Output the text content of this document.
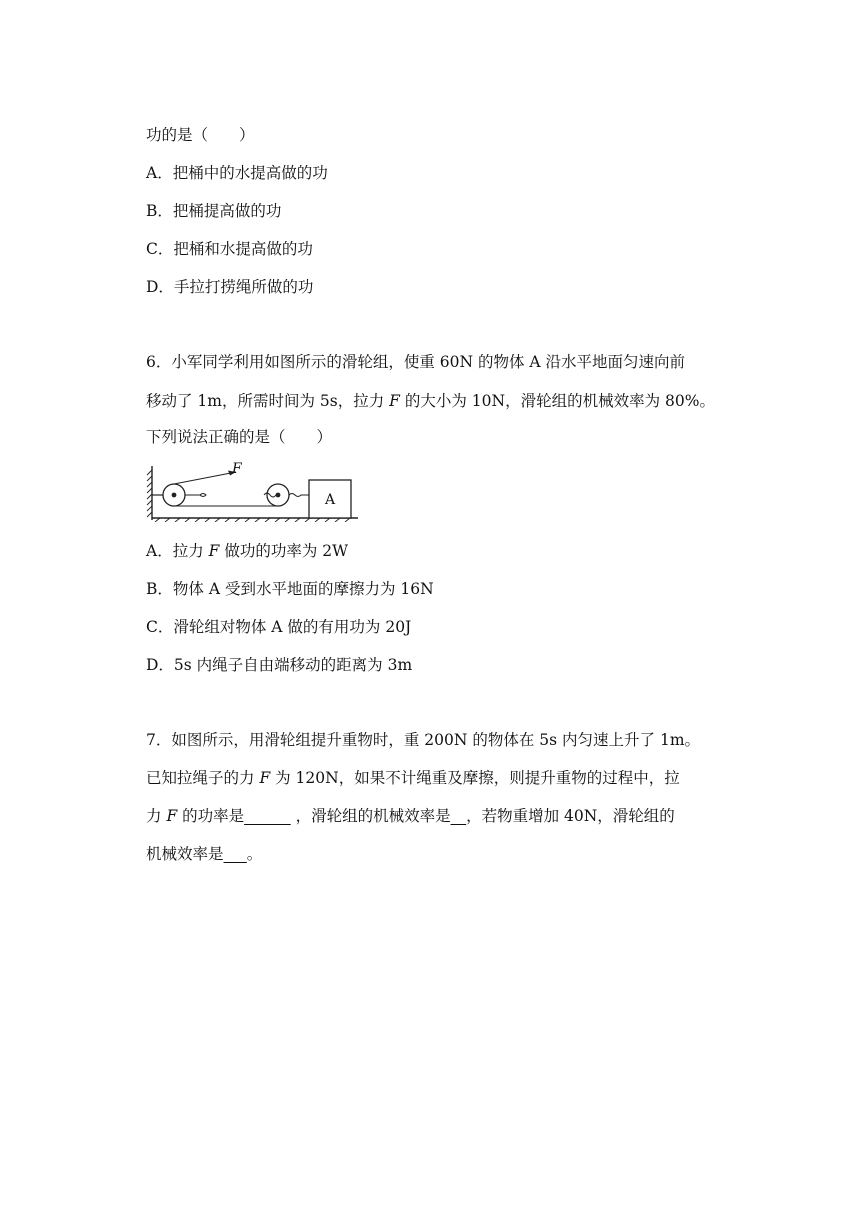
功的是（　　）
A．把桶中的水提高做的功
B．把桶提高做的功
C．把桶和水提高做的功
D．手拉打捞绳所做的功
6．小军同学利用如图所示的滑轮组，使重 60N 的物体 A 沿水平地面匀速向前
移动了 1m，所需时间为 5s，拉力 F 的大小为 10N，滑轮组的机械效率为 80%。
下列说法正确的是（　　）
F
A
A．拉力 F 做功的功率为 2W
B．物体 A 受到水平地面的摩擦力为 16N
C．滑轮组对物体 A 做的有用功为 20J
D．5s 内绳子自由端移动的距离为 3m
7．如图所示，用滑轮组提升重物时，重 200N 的物体在 5s 内匀速上升了 1m。
已知拉绳子的力 F 为 120N，如果不计绳重及摩擦，则提升重物的过程中，拉
力 F 的功率是______ ，滑轮组的机械效率是__，若物重增加 40N，滑轮组的
机械效率是___。
